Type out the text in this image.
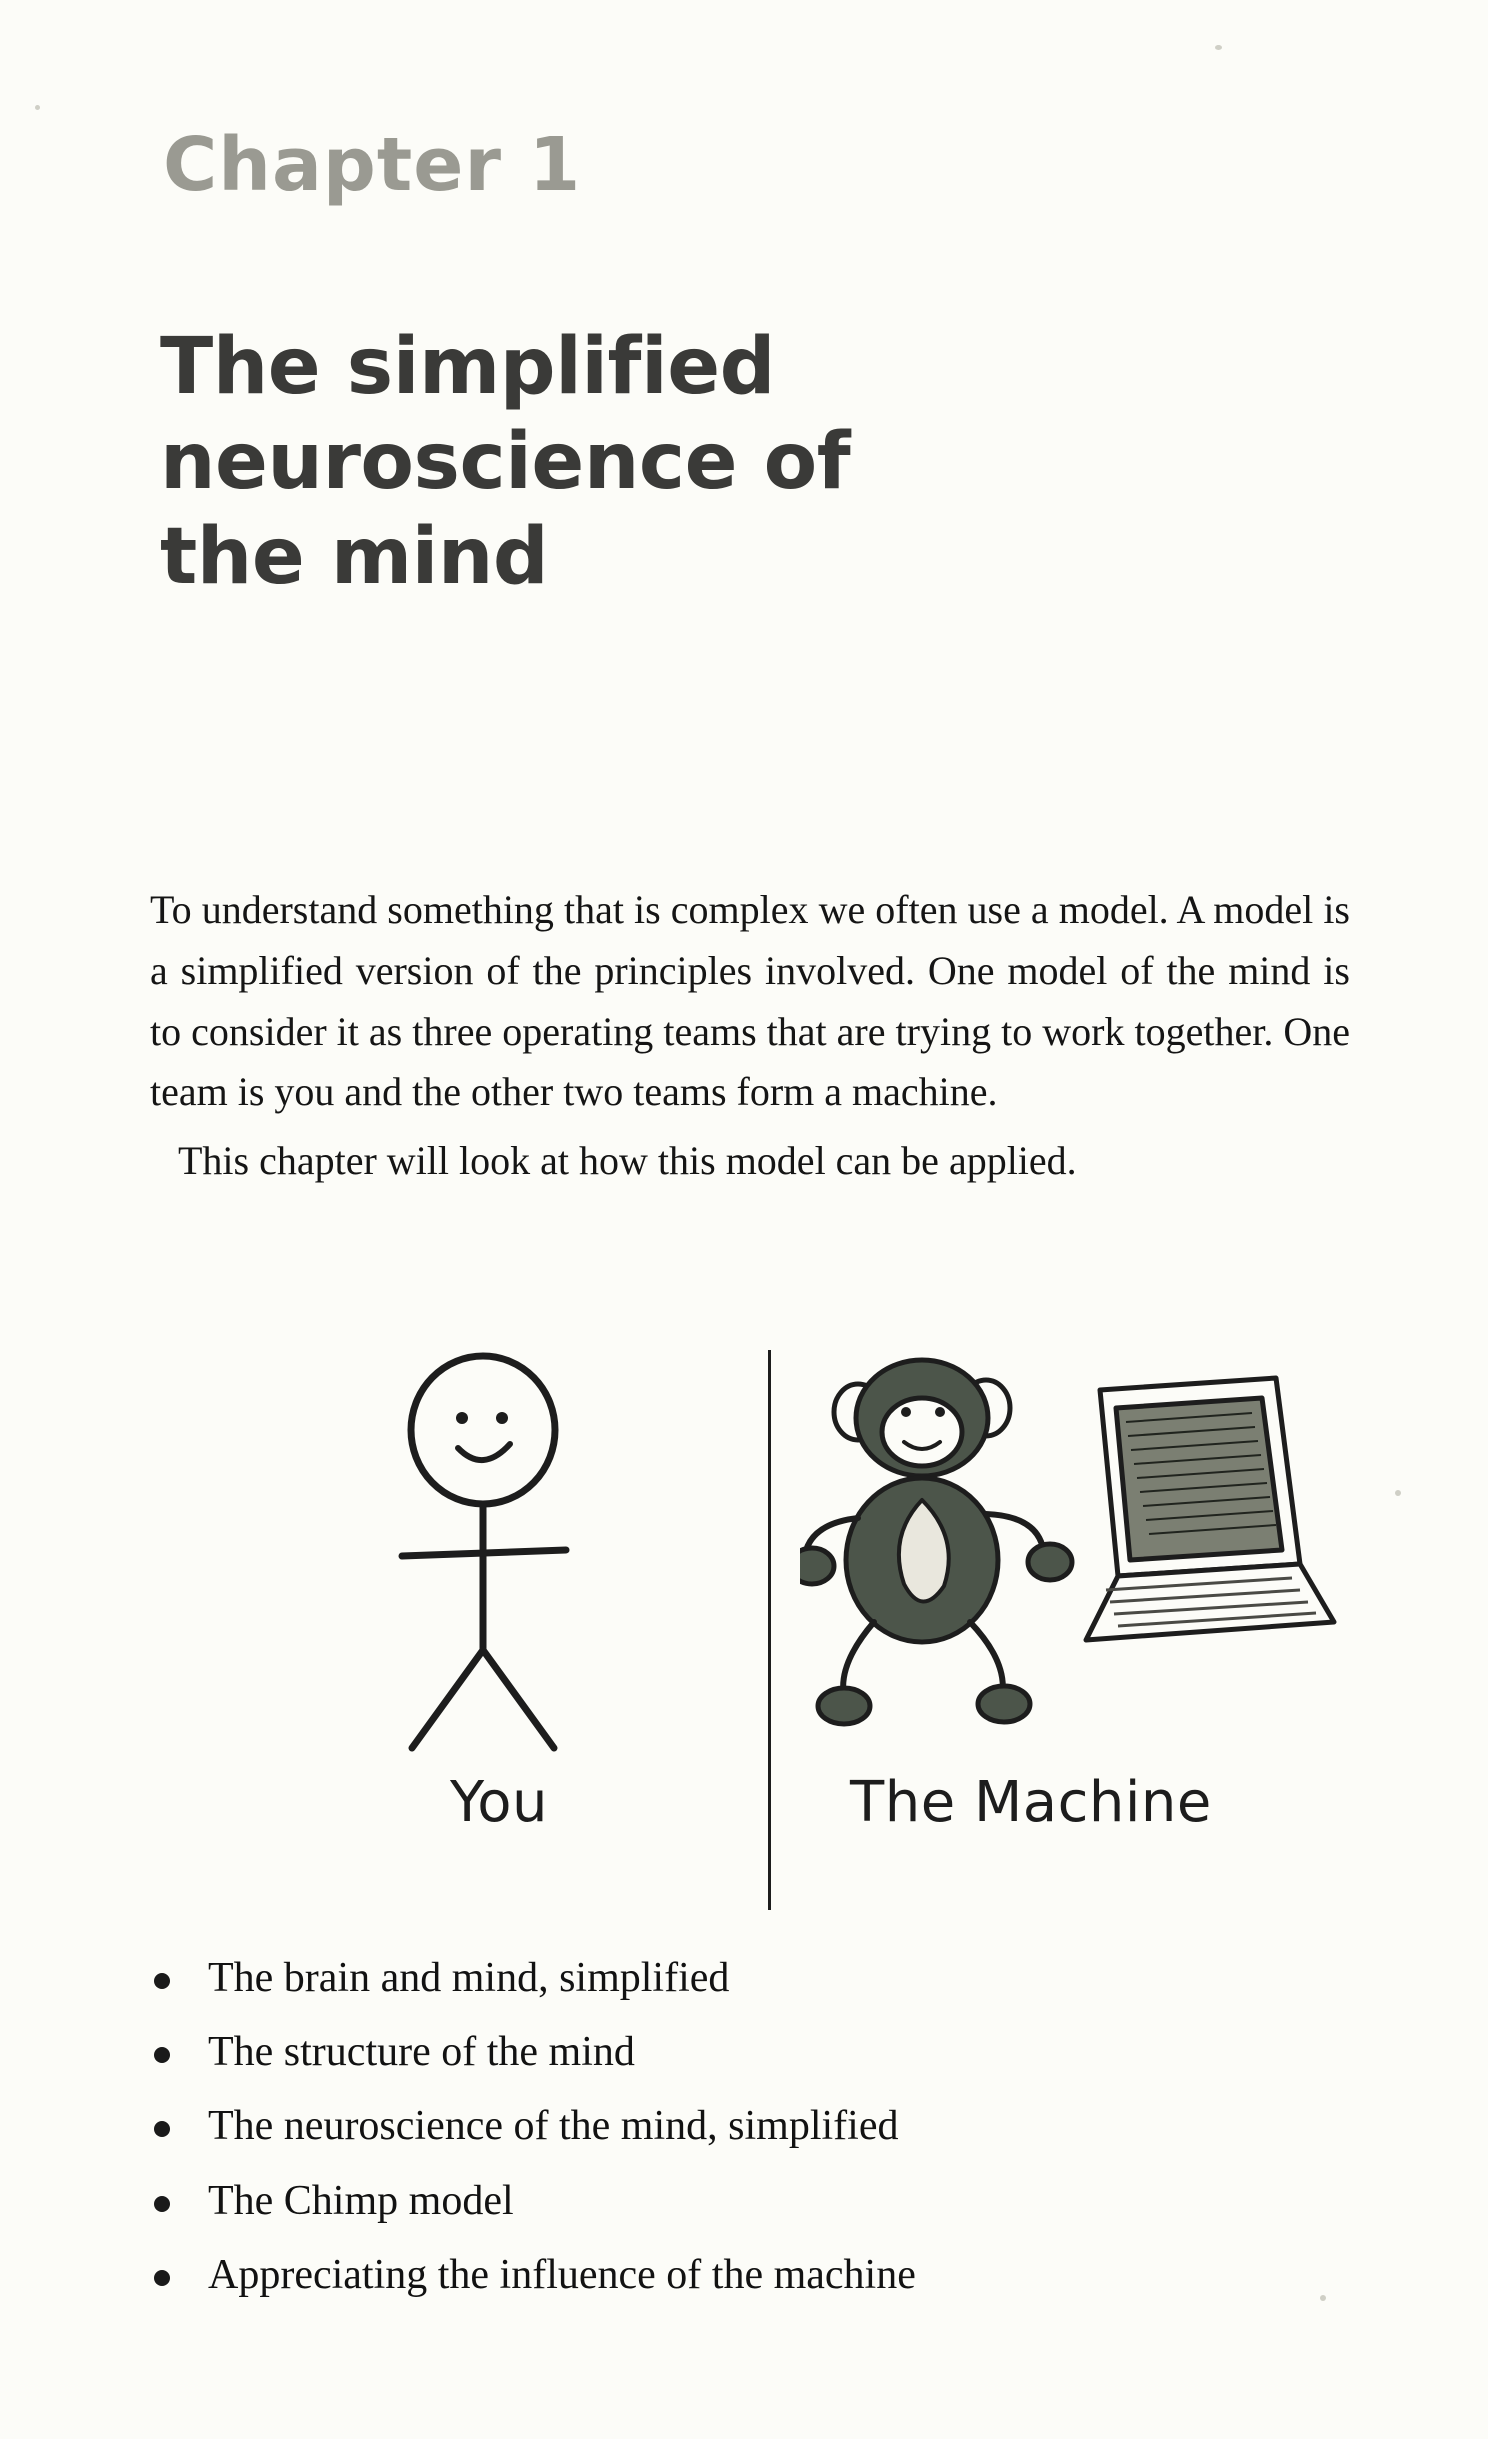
Chapter 1
The simplified
neuroscience of
the mind

To understand something that is complex we often use a model. A model is a simplified version of the principles involved. One model of the mind is to consider it as three operating teams that are trying to work together. One team is you and the other two teams form a machine.

This chapter will look at how this model can be applied.

You	The Machine
The brain and mind, simplified
The structure of the mind
The neuroscience of the mind, simplified
The Chimp model
Appreciating the influence of the machine
